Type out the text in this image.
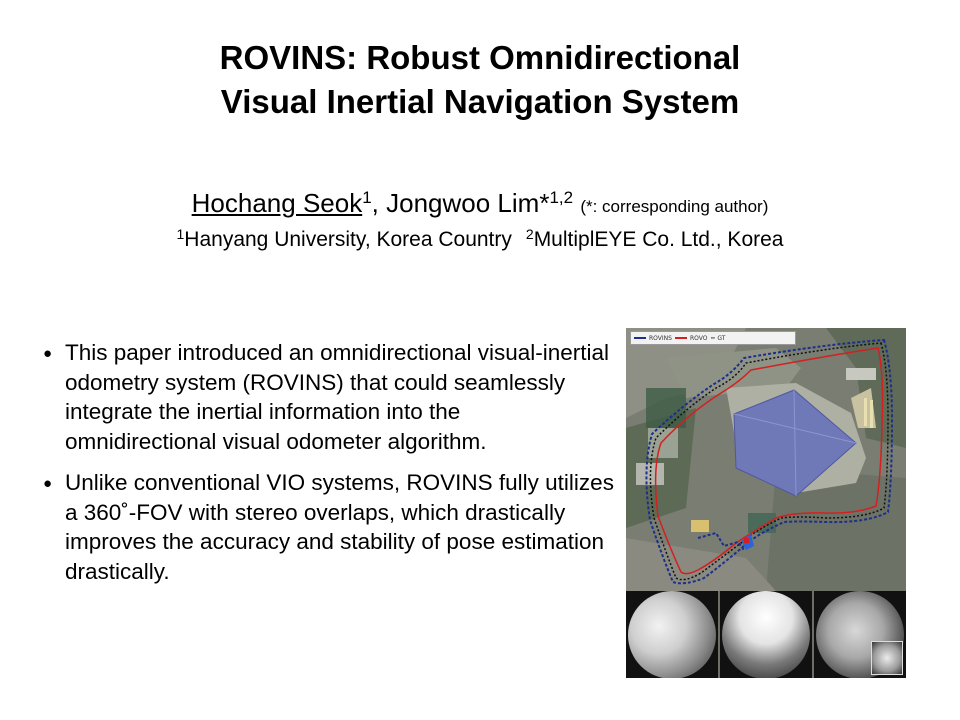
ROVINS: Robust Omnidirectional
Visual Inertial Navigation System
Hochang Seok$^1$, Jongwoo Lim*$^{1,2}$ (*: corresponding author)
$^1$Hanyang University, Korea Country $^2$MultiplEYE Co. Ltd., Korea
● This paper introduced an omnidirectional visual-inertial odometry system (ROVINS) that could seamlessly integrate the inertial information into the omnidirectional visual odometer algorithm.
● Unlike conventional VIO systems, ROVINS fully utilizes a 360˚-FOV with stereo overlaps, which drastically improves the accuracy and stability of pose estimation drastically.
ROVINS	ROVO ··· GT
